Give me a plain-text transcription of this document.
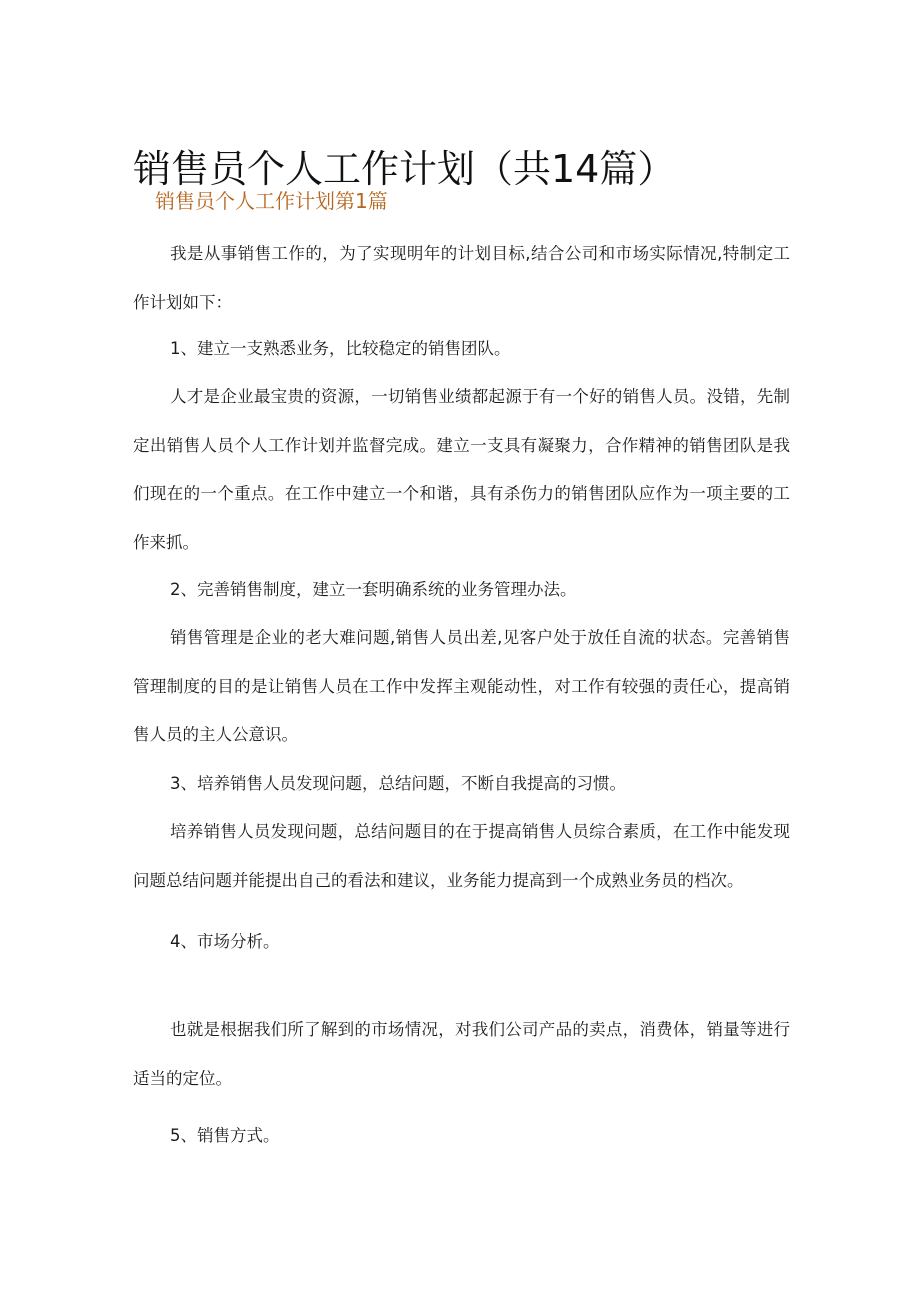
销售员个人工作计划（共14篇）
销售员个人工作计划第1篇

我是从事销售工作的，为了实现明年的计划目标,结合公司和市场实际情况,特制定工作计划如下：

1、建立一支熟悉业务，比较稳定的销售团队。

人才是企业最宝贵的资源，一切销售业绩都起源于有一个好的销售人员。没错，先制定出销售人员个人工作计划并监督完成。建立一支具有凝聚力，合作精神的销售团队是我们现在的一个重点。在工作中建立一个和谐，具有杀伤力的销售团队应作为一项主要的工作来抓。

2、完善销售制度，建立一套明确系统的业务管理办法。

销售管理是企业的老大难问题,销售人员出差,见客户处于放任自流的状态。完善销售管理制度的目的是让销售人员在工作中发挥主观能动性，对工作有较强的责任心，提高销售人员的主人公意识。

3、培养销售人员发现问题，总结问题，不断自我提高的习惯。

培养销售人员发现问题，总结问题目的在于提高销售人员综合素质，在工作中能发现问题总结问题并能提出自己的看法和建议，业务能力提高到一个成熟业务员的档次。

4、市场分析。

也就是根据我们所了解到的市场情况，对我们公司产品的卖点，消费体，销量等进行适当的定位。

5、销售方式。
